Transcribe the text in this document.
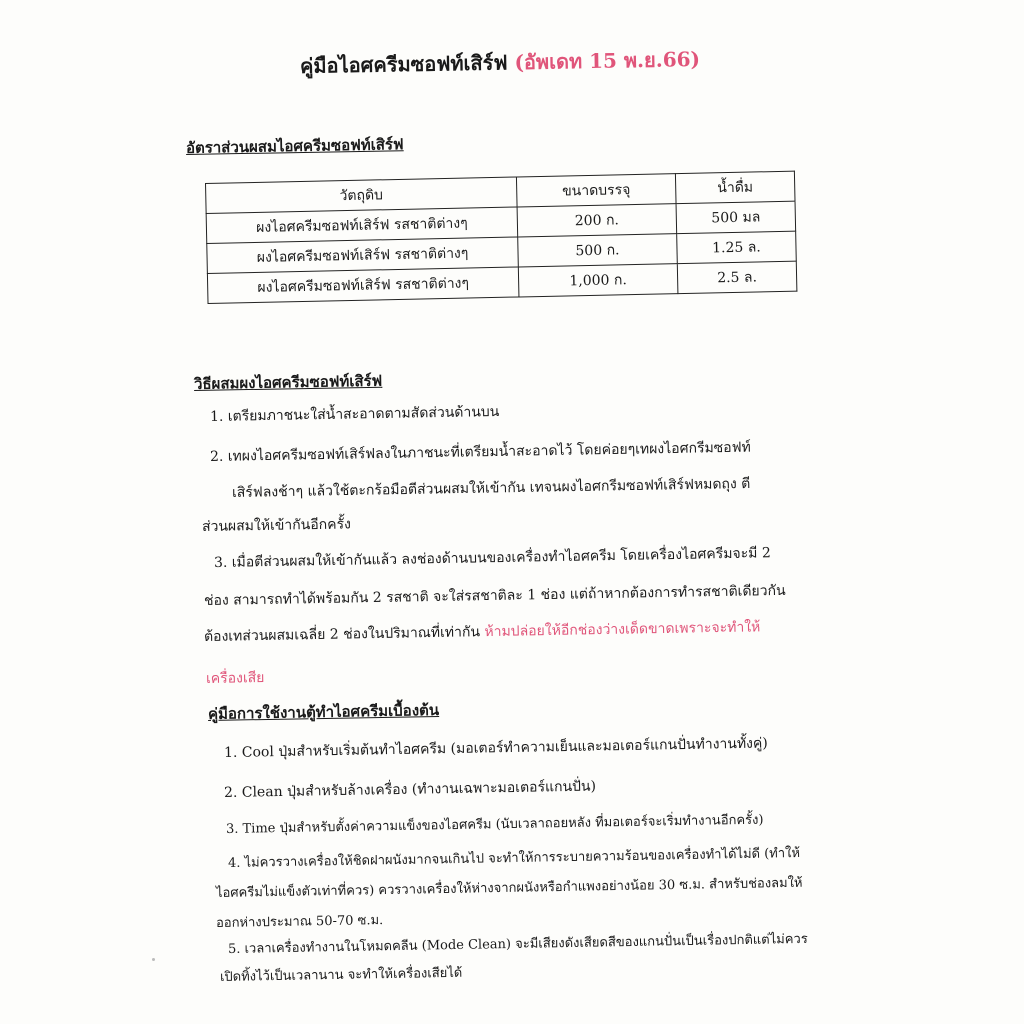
คู่มือไอศครีมซอฟท์เสิร์ฟ (อัพเดท 15 พ.ย.66)
อัตราส่วนผสมไอศครีมซอฟท์เสิร์ฟ
วัตถุดิบ	ขนาดบรรจุ	น้ำดื่ม
ผงไอศครีมซอฟท์เสิร์ฟ รสชาติต่างๆ	200 ก.	500 มล
ผงไอศครีมซอฟท์เสิร์ฟ รสชาติต่างๆ	500 ก.	1.25 ล.
ผงไอศครีมซอฟท์เสิร์ฟ รสชาติต่างๆ	1,000 ก.	2.5 ล.
วิธีผสมผงไอศครีมซอฟท์เสิร์ฟ
1. เตรียมภาชนะใส่น้ำสะอาดตามสัดส่วนด้านบน
2. เทผงไอศครีมซอฟท์เสิร์ฟลงในภาชนะที่เตรียมน้ำสะอาดไว้ โดยค่อยๆเทผงไอศกรีมซอฟท์
เสิร์ฟลงช้าๆ แล้วใช้ตะกร้อมือตีส่วนผสมให้เข้ากัน เทจนผงไอศกรีมซอฟท์เสิร์ฟหมดถุง ตี
ส่วนผสมให้เข้ากันอีกครั้ง
3. เมื่อตีส่วนผสมให้เข้ากันแล้ว ลงช่องด้านบนของเครื่องทำไอศครีม โดยเครื่องไอศครีมจะมี 2
ช่อง สามารถทำได้พร้อมกัน 2 รสชาติ จะใส่รสชาติละ 1 ช่อง แต่ถ้าหากต้องการทำรสชาติเดียวกัน
ต้องเทส่วนผสมเฉลี่ย 2 ช่องในปริมาณที่เท่ากัน ห้ามปล่อยให้อีกช่องว่างเด็ดขาดเพราะจะทำให้
เครื่องเสีย
คู่มือการใช้งานตู้ทำไอศครีมเบื้องต้น
1. Cool ปุ่มสำหรับเริ่มต้นทำไอศครีม (มอเตอร์ทำความเย็นและมอเตอร์แกนปั่นทำงานทั้งคู่)
2. Clean ปุ่มสำหรับล้างเครื่อง (ทำงานเฉพาะมอเตอร์แกนปั่น)
3. Time ปุ่มสำหรับตั้งค่าความแข็งของไอศครีม (นับเวลาถอยหลัง ที่มอเตอร์จะเริ่มทำงานอีกครั้ง)
4. ไม่ควรวางเครื่องให้ชิดฝาผนังมากจนเกินไป จะทำให้การระบายความร้อนของเครื่องทำได้ไม่ดี (ทำให้
ไอศครีมไม่แข็งตัวเท่าที่ควร) ควรวางเครื่องให้ห่างจากผนังหรือกำแพงอย่างน้อย 30 ซ.ม. สำหรับช่องลมให้
ออกห่างประมาณ 50-70 ซ.ม.
5. เวลาเครื่องทำงานในโหมดคลีน (Mode Clean) จะมีเสียงดังเสียดสีของแกนปั่นเป็นเรื่องปกติแต่ไม่ควร
เปิดทิ้งไว้เป็นเวลานาน จะทำให้เครื่องเสียได้
